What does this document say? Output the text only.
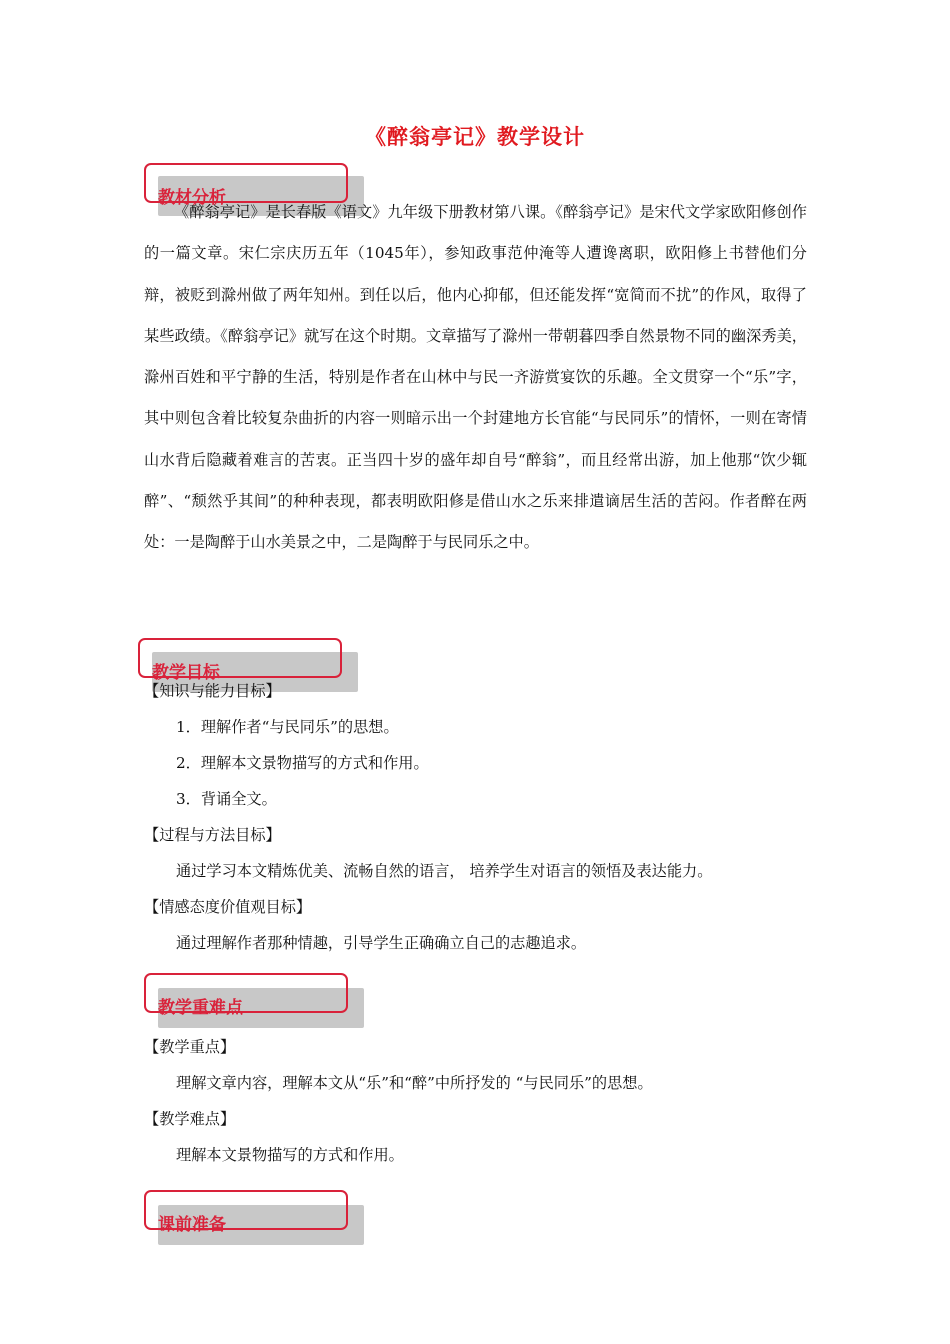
《醉翁亭记》教学设计
教材分析

《醉翁亭记》是长春版《语文》九年级下册教材第八课。《醉翁亭记》是宋代文学家欧阳修创作的一篇文章。宋仁宗庆历五年（1045年），参知政事范仲淹等人遭谗离职，欧阳修上书替他们分辩，被贬到滁州做了两年知州。到任以后，他内心抑郁，但还能发挥“宽简而不扰”的作风，取得了某些政绩。《醉翁亭记》就写在这个时期。文章描写了滁州一带朝暮四季自然景物不同的幽深秀美，滁州百姓和平宁静的生活，特别是作者在山林中与民一齐游赏宴饮的乐趣。全文贯穿一个“乐”字，其中则包含着比较复杂曲折的内容一则暗示出一个封建地方长官能“与民同乐”的情怀，一则在寄情山水背后隐藏着难言的苦衷。正当四十岁的盛年却自号“醉翁”，而且经常出游，加上他那“饮少辄醉”、“颓然乎其间”的种种表现，都表明欧阳修是借山水之乐来排遣谪居生活的苦闷。作者醉在两处：一是陶醉于山水美景之中，二是陶醉于与民同乐之中。

教学目标

【知识与能力目标】

1．理解作者“与民同乐”的思想。

2．理解本文景物描写的方式和作用。

3．背诵全文。

【过程与方法目标】

通过学习本文精炼优美、流畅自然的语言， 培养学生对语言的领悟及表达能力。

【情感态度价值观目标】

通过理解作者那种情趣，引导学生正确确立自己的志趣追求。

教学重难点

【教学重点】

理解文章内容，理解本文从“乐”和“醉”中所抒发的 “与民同乐”的思想。

【教学难点】

理解本文景物描写的方式和作用。

课前准备
